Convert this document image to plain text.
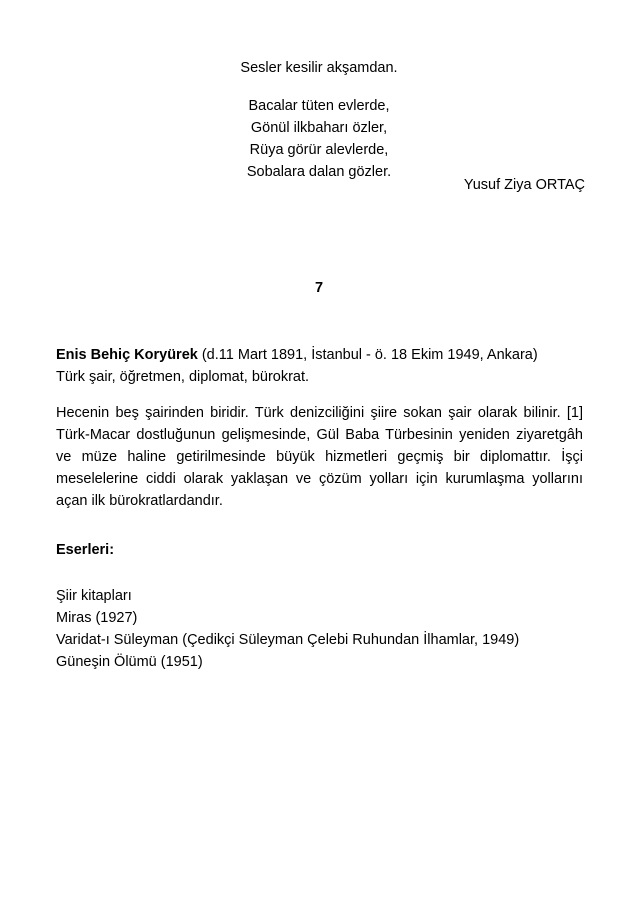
Sesler kesilir akşamdan.
Bacalar tüten evlerde,
Gönül ilkbaharı özler,
Rüya görür alevlerde,
Sobalara dalan gözler.
Yusuf Ziya ORTAÇ
7
Enis Behiç Koryürek (d.11 Mart 1891, İstanbul - ö. 18 Ekim 1949, Ankara)
Türk şair, öğretmen, diplomat, bürokrat.
Hecenin beş şairinden biridir. Türk denizciliğini şiire sokan şair olarak bilinir. [1] Türk-Macar dostluğunun gelişmesinde, Gül Baba Türbesinin yeniden ziyaretgâh ve müze haline getirilmesinde büyük hizmetleri geçmiş bir diplomattır. İşçi meselelerine ciddi olarak yaklaşan ve çözüm yolları için kurumlaşma yollarını açan ilk bürokratlardandır.
Eserleri:
Şiir kitapları
Miras (1927)
Varidat-ı Süleyman (Çedikçi Süleyman Çelebi Ruhundan İlhamlar, 1949)
Güneşin Ölümü (1951)
